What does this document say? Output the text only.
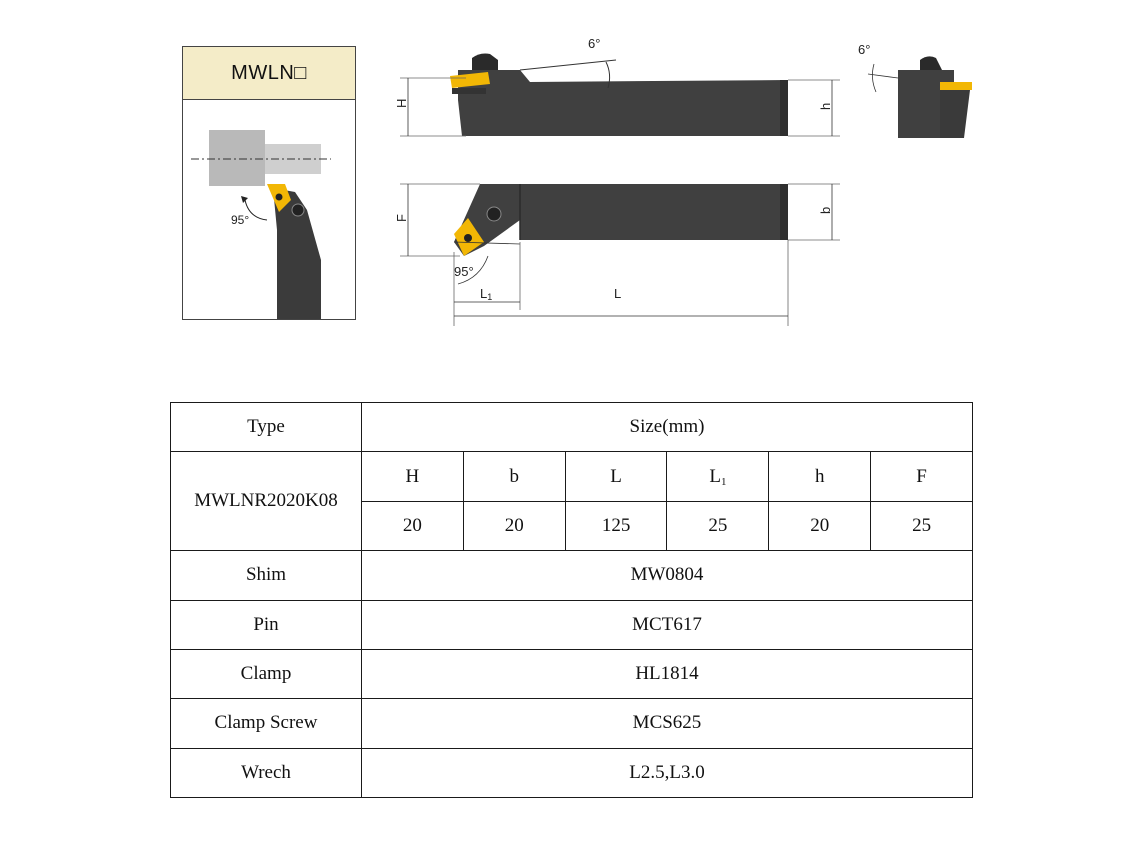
MWLN□
95°
6°
H	h
F
b
95°
L1	L
6°
Type	Size(mm)					
MWLNR2020K08	H	b	L	$L_1$	h	F
	20	20	125	25	20	25
Shim	MW0804					
Pin	MCT617					
Clamp	HL1814					
Clamp Screw	MCS625					
Wrech	L2.5,L3.0					
